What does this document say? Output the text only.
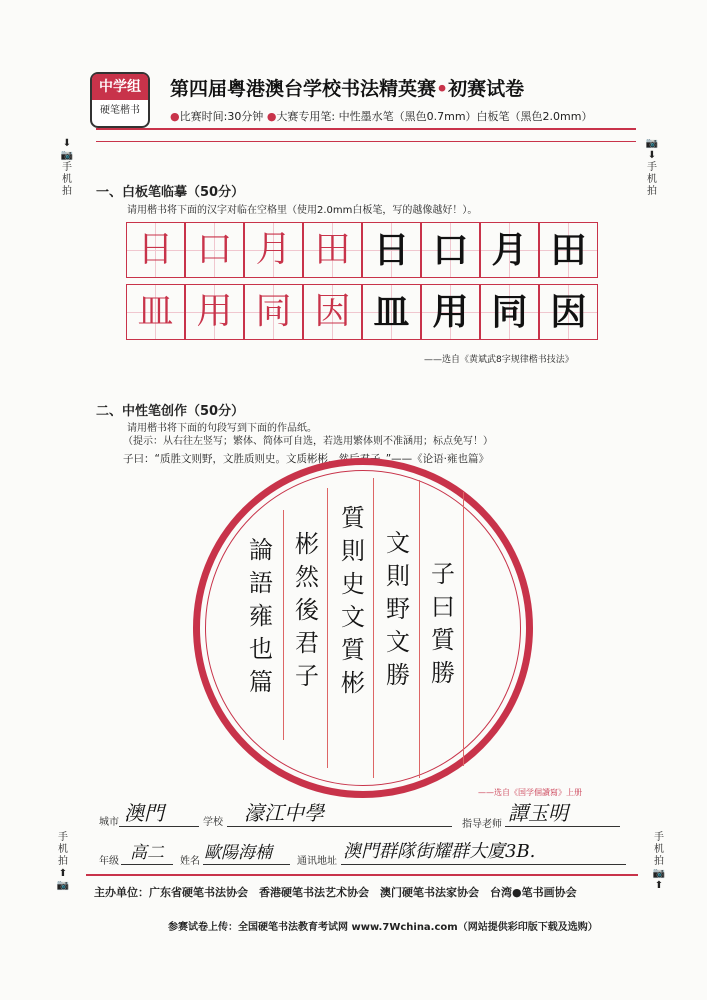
中学组
硬笔楷书
第四届粤港澳台学校书法精英赛•初赛试卷
●比赛时间:30分钟 ●大赛专用笔: 中性墨水笔（黑色0.7mm）白板笔（黑色2.0mm）
⬇📷
手机拍
📷⬇
手机拍
手机拍
⬆📷
手机拍
📷⬆
一、白板笔临摹（50分）
请用楷书将下面的汉字对临在空格里（使用2.0mm白板笔，写的越像越好！）。
日 口 月 田 日 口 月 田
皿 用 同 因 皿 用 同 因
——选自《黄斌武8字规律楷书技法》
二、中性笔创作（50分）
请用楷书将下面的句段写到下面的作品纸。
（提示：从右往左竖写；繁体、简体可自选，若选用繁体则不准涵用；标点免写！）
子曰：“质胜文则野，文胜质则史。文质彬彬，然后君子。”——《论语·雍也篇》
子
曰
質
勝
文
則
野
文
勝
質
則
史
文
質
彬
彬
然
後
君
子
論
語
雍
也
篇
——选自《国学個讀寫》上册
城市 澳門	学校 濠江中學	指导老师 譚玉明
年级 高二 姓名 歐陽海楠	通讯地址 澳門群隊街耀群大廈3B.
主办单位：广东省硬笔书法协会　香港硬笔书法艺术协会　澳门硬笔书法家协会　台湾●笔书画协会
参赛试卷上传：全国硬笔书法教育考试网 www.7Wchina.com（网站提供彩印版下载及选购）
